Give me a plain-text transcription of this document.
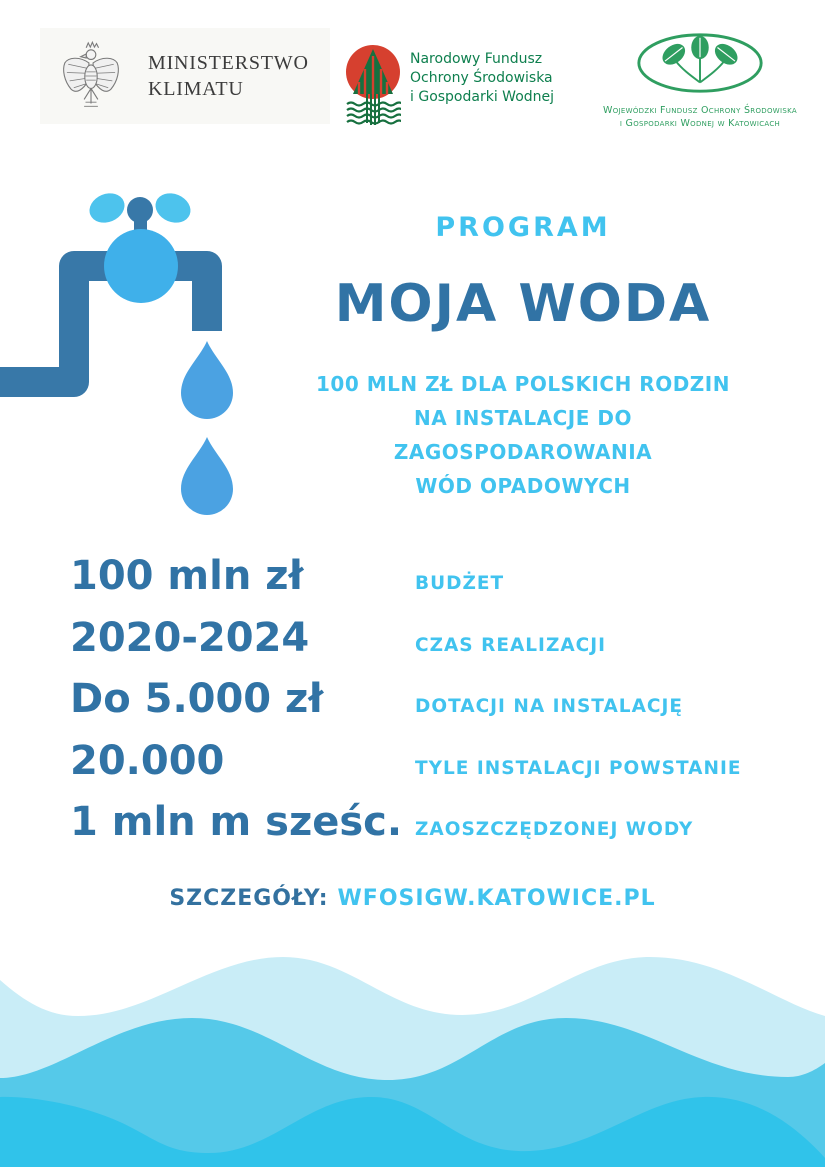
MINISTERSTWO
KLIMATU
Narodowy Fundusz
Ochrony Środowiska
i Gospodarki Wodnej
Wojewódzki Fundusz Ochrony Środowiska
i Gospodarki Wodnej w Katowicach
PROGRAM
MOJA WODA
100 MLN ZŁ DLA POLSKICH RODZIN
NA INSTALACJE DO ZAGOSPODAROWANIA
WÓD OPADOWYCH
100 mln zł	BUDŻET
2020-2024	CZAS REALIZACJI
Do 5.000 zł	DOTACJI NA INSTALACJĘ
20.000	TYLE INSTALACJI POWSTANIE
1 mln m sześc. ZAOSZCZĘDZONEJ WODY
SZCZEGÓŁY: WFOSIGW.KATOWICE.PL
